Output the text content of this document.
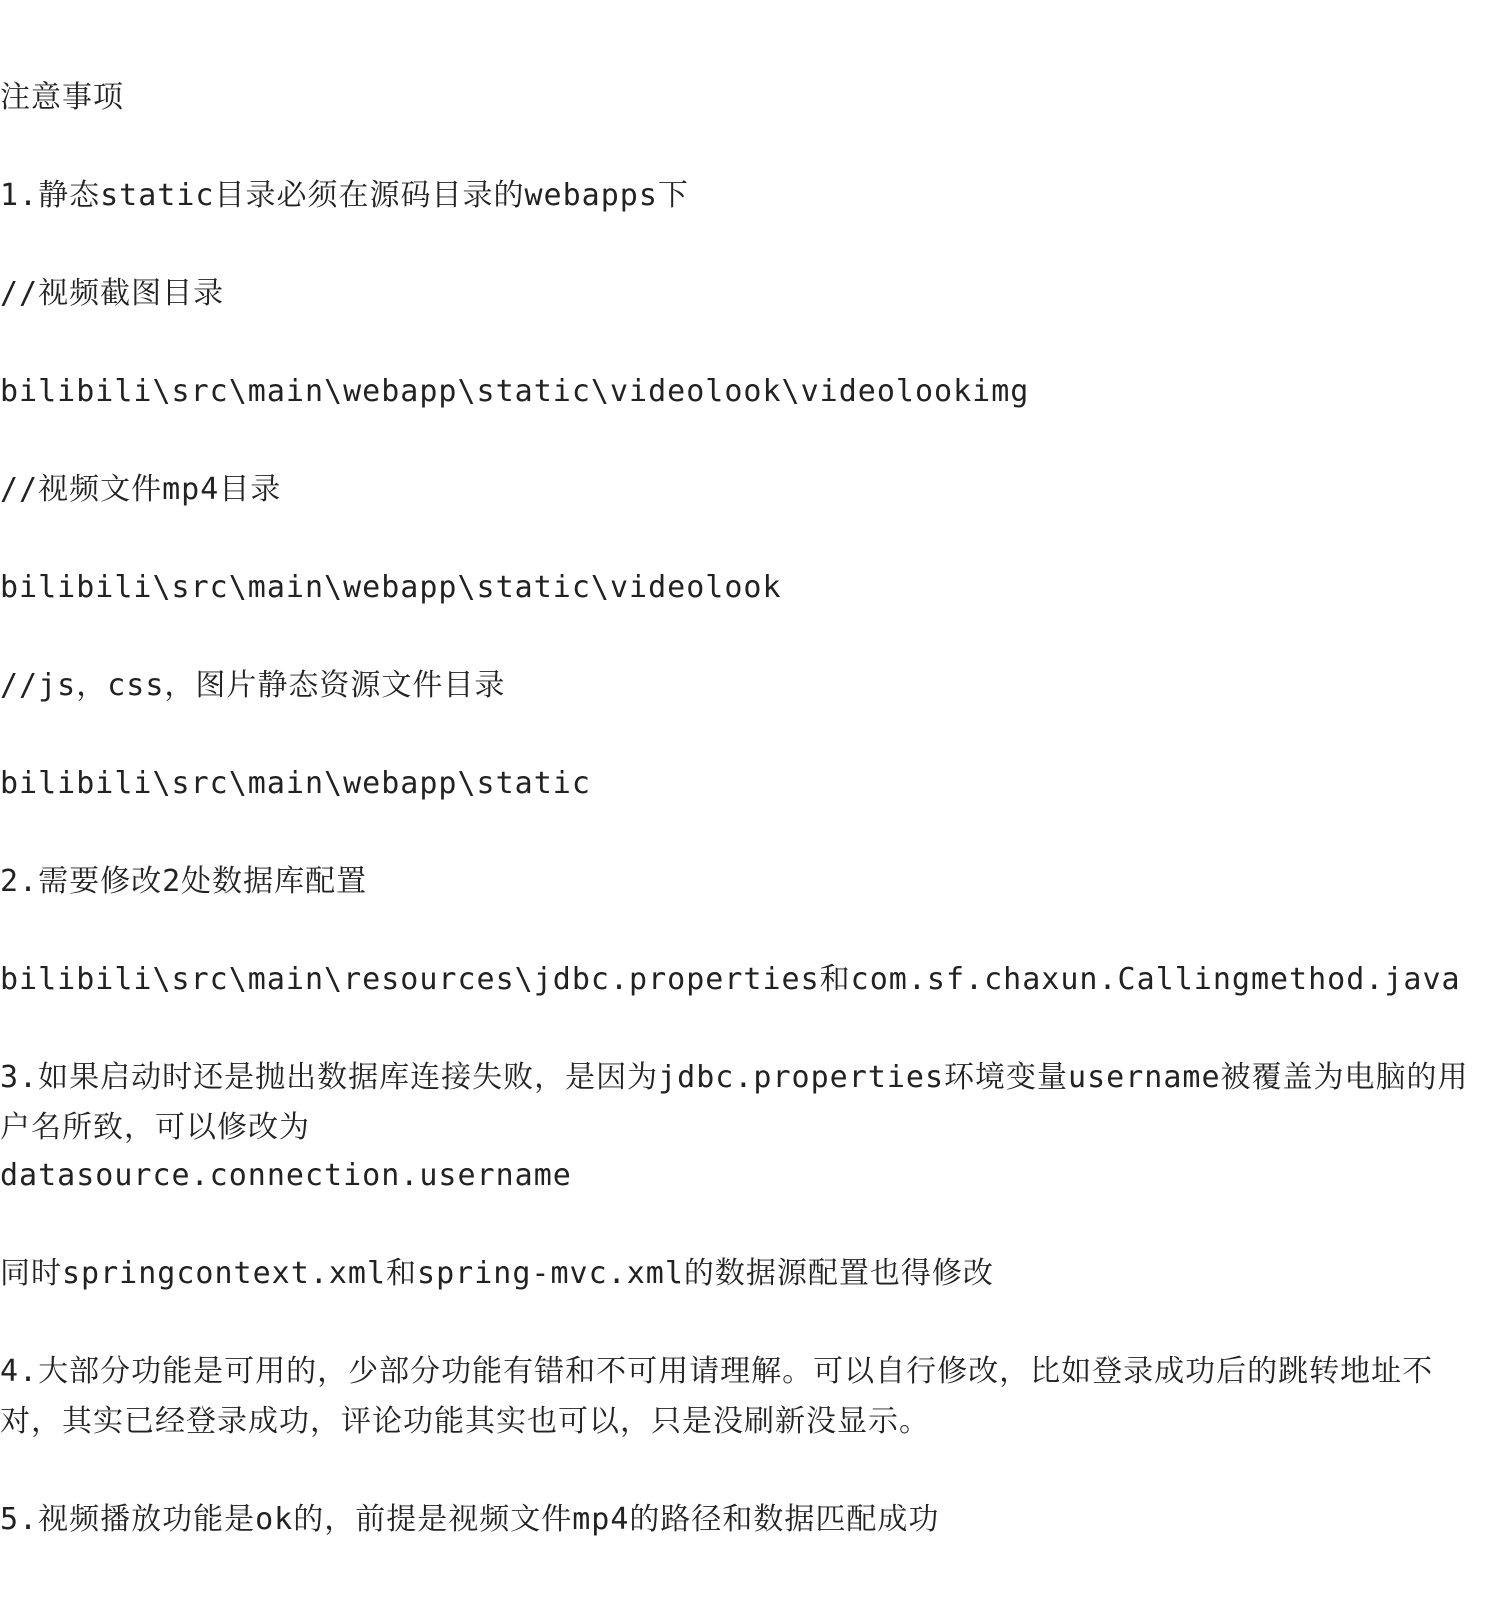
注意事项
1.静态static目录必须在源码目录的webapps下
//视频截图目录
bilibili\src\main\webapp\static\videolook\videolookimg
//视频文件mp4目录
bilibili\src\main\webapp\static\videolook
//js，css，图片静态资源文件目录
bilibili\src\main\webapp\static
2.需要修改2处数据库配置
bilibili\src\main\resources\jdbc.properties和com.sf.chaxun.Callingmethod.java
3.如果启动时还是抛出数据库连接失败，是因为jdbc.properties环境变量username被覆盖为电脑的用户名所致，可以修改为
datasource.connection.username
同时springcontext.xml和spring-mvc.xml的数据源配置也得修改
4.大部分功能是可用的，少部分功能有错和不可用请理解。可以自行修改，比如登录成功后的跳转地址不对，其实已经登录成功，评论功能其实也可以，只是没刷新没显示。
5.视频播放功能是ok的，前提是视频文件mp4的路径和数据匹配成功
